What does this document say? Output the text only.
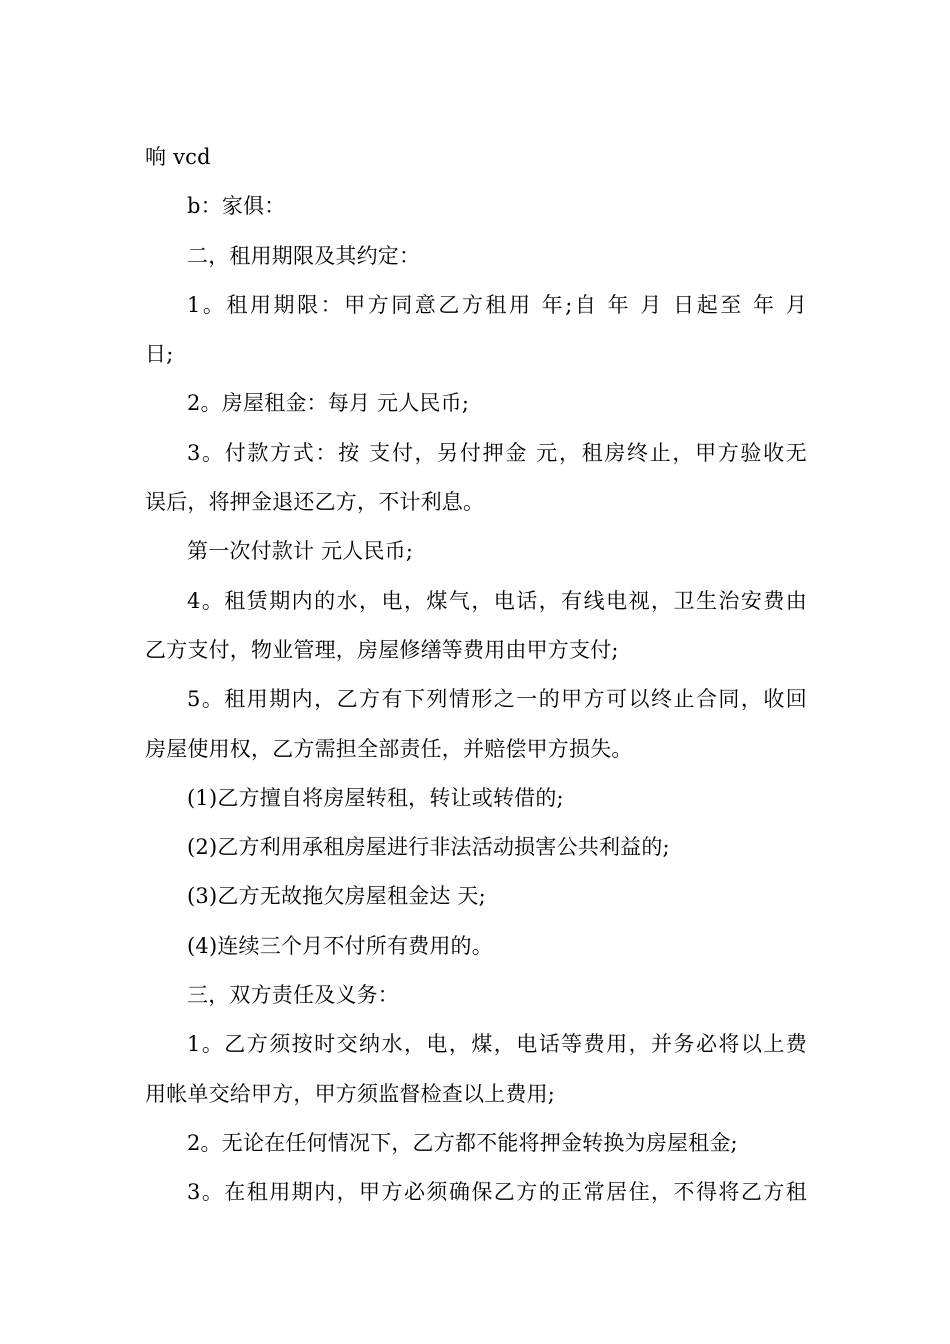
响 vcd

b：家俱：

二，租用期限及其约定：

1。租用期限：甲方同意乙方租用 年;自 年 月 日起至 年 月

日;

2。房屋租金：每月 元人民币;

3。付款方式：按 支付，另付押金 元，租房终止，甲方验收无

误后，将押金退还乙方，不计利息。

第一次付款计 元人民币;

4。租赁期内的水，电，煤气，电话，有线电视，卫生治安费由

乙方支付，物业管理，房屋修缮等费用由甲方支付;

5。租用期内，乙方有下列情形之一的甲方可以终止合同，收回

房屋使用权，乙方需担全部责任，并赔偿甲方损失。

(1)乙方擅自将房屋转租，转让或转借的;

(2)乙方利用承租房屋进行非法活动损害公共利益的;

(3)乙方无故拖欠房屋租金达 天;

(4)连续三个月不付所有费用的。

三，双方责任及义务：

1。乙方须按时交纳水，电，煤，电话等费用，并务必将以上费

用帐单交给甲方，甲方须监督检查以上费用;

2。无论在任何情况下，乙方都不能将押金转换为房屋租金;

3。在租用期内，甲方必须确保乙方的正常居住，不得将乙方租
